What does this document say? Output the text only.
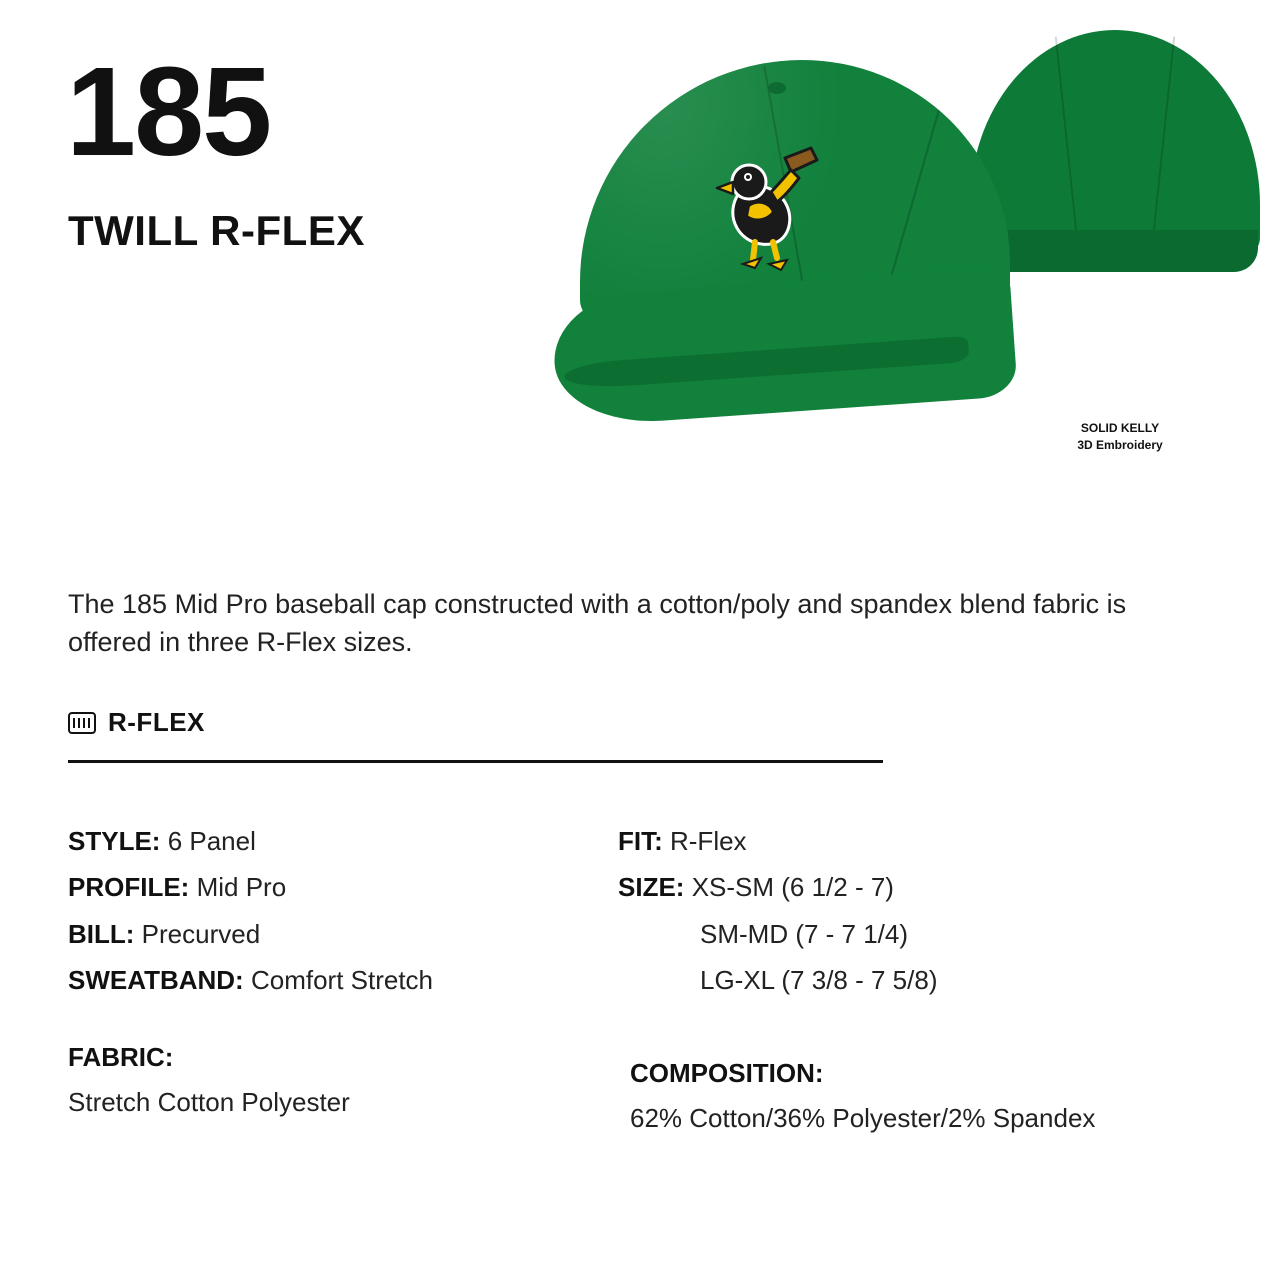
185
TWILL R-FLEX
SOLID KELLY
3D Embroidery
The 185 Mid Pro baseball cap constructed with a cotton/poly and spandex blend fabric is offered in three R-Flex sizes.
R-FLEX
STYLE: 6 Panel
PROFILE: Mid Pro
BILL: Precurved
SWEATBAND: Comfort Stretch
FIT: R-Flex
SIZE: XS-SM (6 1/2 - 7)
SM-MD (7 - 7 1/4)
LG-XL (7 3/8 - 7 5/8)
FABRIC:
Stretch Cotton Polyester
COMPOSITION:
62% Cotton/36% Polyester/2% Spandex
